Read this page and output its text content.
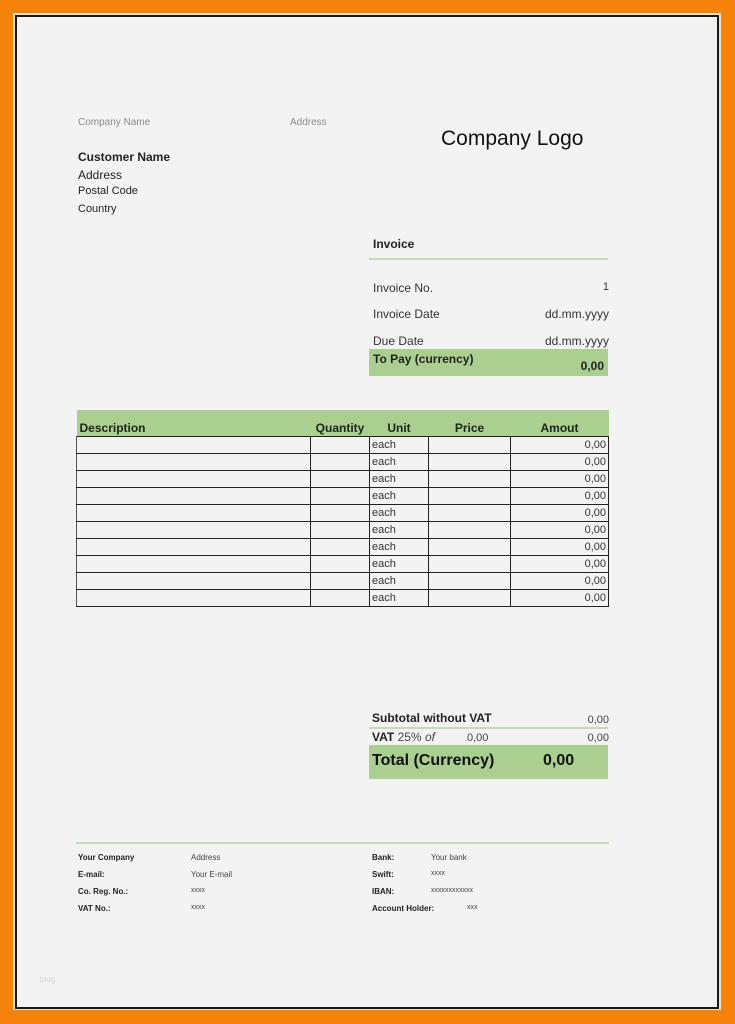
Company Name	Address
Company Logo
Customer Name
Address
Postal Code
Country
Invoice
Invoice No.	1
Invoice Date	dd.mm.yyyy
Due Date	dd.mm.yyyy
To Pay (currency)	0,00
Description	Quantity	Unit	Price	Amout
		each		0,00
		each		0,00
		each		0,00
		each		0,00
		each		0,00
		each		0,00
		each		0,00
		each		0,00
		each		0,00
		each		0,00
Subtotal without VAT	0,00
VAT 25% of	0,00	0,00
Total (Currency)	0,00
Your Company	Address
E-mail:	Your E-mail
Co. Reg. No.:	xxxx
VAT No.:	xxxx
Bank:	Your bank
Swift:	xxxx
IBAN:	xxxxxxxxxxxx
Account Holder:	xxx
blog
